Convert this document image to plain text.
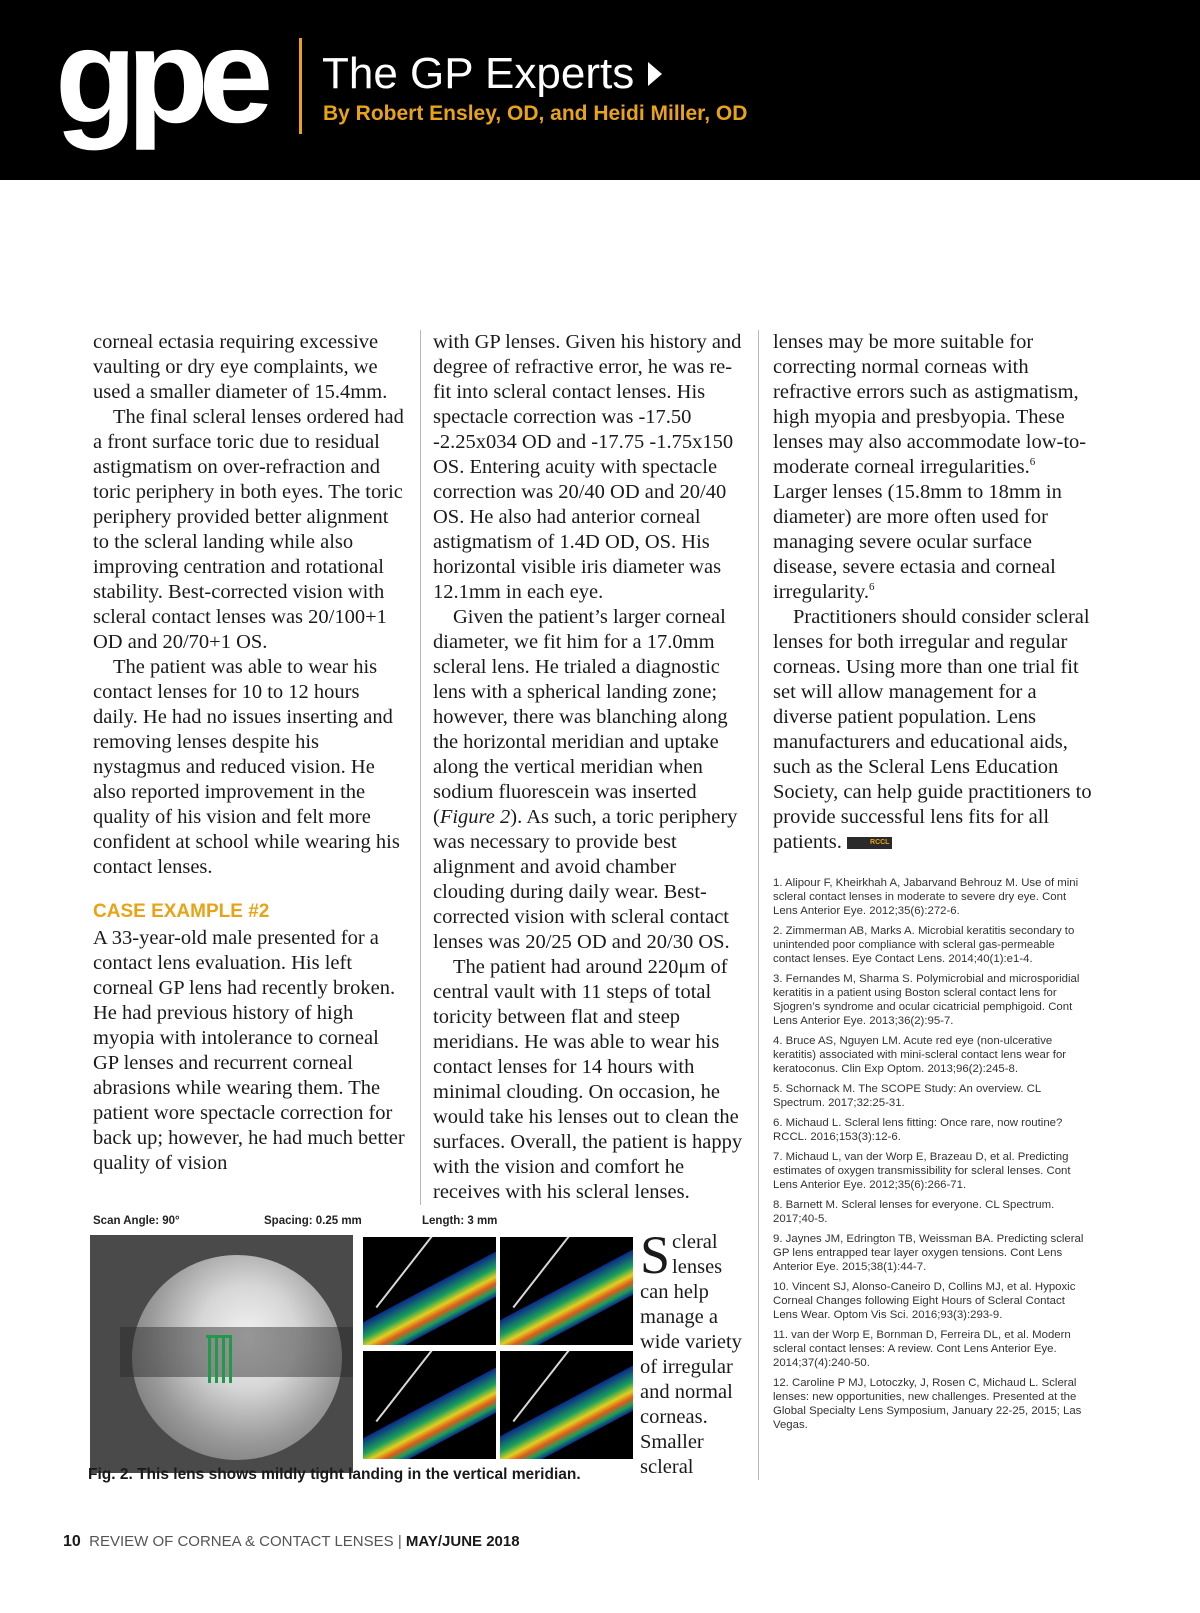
gpe The GP Experts
By Robert Ensley, OD, and Heidi Miller, OD

corneal ectasia requiring excessive vaulting or dry eye complaints, we used a smaller diameter of 15.4mm.

The final scleral lenses ordered had a front surface toric due to residual astigmatism on over-refraction and toric periphery in both eyes. The toric periphery provided better alignment to the scleral landing while also improving centration and rotational stability. Best-corrected vision with scleral contact lenses was 20/100+1 OD and 20/70+1 OS.

The patient was able to wear his contact lenses for 10 to 12 hours daily. He had no issues inserting and removing lenses despite his nystagmus and reduced vision. He also reported improvement in the quality of his vision and felt more confident at school while wearing his contact lenses.

CASE EXAMPLE #2

A 33-year-old male presented for a contact lens evaluation. His left corneal GP lens had recently broken. He had previous history of high myopia with intolerance to corneal GP lenses and recurrent corneal abrasions while wearing them. The patient wore spectacle correction for back up; however, he had much better quality of vision

with GP lenses. Given his history and degree of refractive error, he was re-fit into scleral contact lenses. His spectacle correction was -17.50 -2.25x034 OD and -17.75 -1.75x150 OS. Entering acuity with spectacle correction was 20/40 OD and 20/40 OS. He also had anterior corneal astigmatism of 1.4D OD, OS. His horizontal visible iris diameter was 12.1mm in each eye.

Given the patient’s larger corneal diameter, we fit him for a 17.0mm scleral lens. He trialed a diagnostic lens with a spherical landing zone; however, there was blanching along the horizontal meridian and uptake along the vertical meridian when sodium fluorescein was inserted (Figure 2). As such, a toric periphery was necessary to provide best alignment and avoid chamber clouding during daily wear. Best-corrected vision with scleral contact lenses was 20/25 OD and 20/30 OS.

The patient had around 220μm of central vault with 11 steps of total toricity between flat and steep meridians. He was able to wear his contact lenses for 14 hours with minimal clouding. On occasion, he would take his lenses out to clean the surfaces. Overall, the patient is happy with the vision and comfort he receives with his scleral lenses.

lenses may be more suitable for correcting normal corneas with refractive errors such as astigmatism, high myopia and presbyopia. These lenses may also accommodate low-to-moderate corneal irregularities.$^6$ Larger lenses (15.8mm to 18mm in diameter) are more often used for managing severe ocular surface disease, severe ectasia and corneal irregularity.$^6$

Practitioners should consider scleral lenses for both irregular and regular corneas. Using more than one trial fit set will allow management for a diverse patient population. Lens manufacturers and educational aids, such as the Scleral Lens Education Society, can help guide practitioners to provide successful lens fits for all patients.	RCCL

1. Alipour F, Kheirkhah A, Jabarvand Behrouz M. Use of mini scleral contact lenses in moderate to severe dry eye. Cont Lens Anterior Eye. 2012;35(6):272-6.
2. Zimmerman AB, Marks A. Microbial keratitis secondary to unintended poor compliance with scleral gas-permeable contact lenses. Eye Contact Lens. 2014;40(1):e1-4.
3. Fernandes M, Sharma S. Polymicrobial and microsporidial keratitis in a patient using Boston scleral contact lens for Sjogren’s syndrome and ocular cicatricial pemphigoid. Cont Lens Anterior Eye. 2013;36(2):95-7.
4. Bruce AS, Nguyen LM. Acute red eye (non-ulcerative keratitis) associated with mini-scleral contact lens wear for keratoconus. Clin Exp Optom. 2013;96(2):245-8.
5. Schornack M. The SCOPE Study: An overview. CL Spectrum. 2017;32:25-31.
6. Michaud L. Scleral lens fitting: Once rare, now routine? RCCL. 2016;153(3):12-6.
7. Michaud L, van der Worp E, Brazeau D, et al. Predicting estimates of oxygen transmissibility for scleral lenses. Cont Lens Anterior Eye. 2012;35(6):266-71.
8. Barnett M. Scleral lenses for everyone. CL Spectrum. 2017;40-5.
9. Jaynes JM, Edrington TB, Weissman BA. Predicting scleral GP lens entrapped tear layer oxygen tensions. Cont Lens Anterior Eye. 2015;38(1):44-7.
10. Vincent SJ, Alonso-Caneiro D, Collins MJ, et al. Hypoxic Corneal Changes following Eight Hours of Scleral Contact Lens Wear. Optom Vis Sci. 2016;93(3):293-9.
11. van der Worp E, Bornman D, Ferreira DL, et al. Modern scleral contact lenses: A review. Cont Lens Anterior Eye. 2014;37(4):240-50.
12. Caroline P MJ, Lotoczky, J, Rosen C, Michaud L. Scleral lenses: new opportunities, new challenges. Presented at the Global Specialty Lens Symposium, January 22-25, 2015; Las Vegas.
Scan Angle: 90°	Spacing: 0.25 mm	Length: 3 mm
Fig. 2. This lens shows mildly tight landing in the vertical meridian.
Scleral lenses can help manage a wide variety of irregular and normal corneas. Smaller scleral
10 REVIEW OF CORNEA & CONTACT LENSES | MAY/JUNE 2018
